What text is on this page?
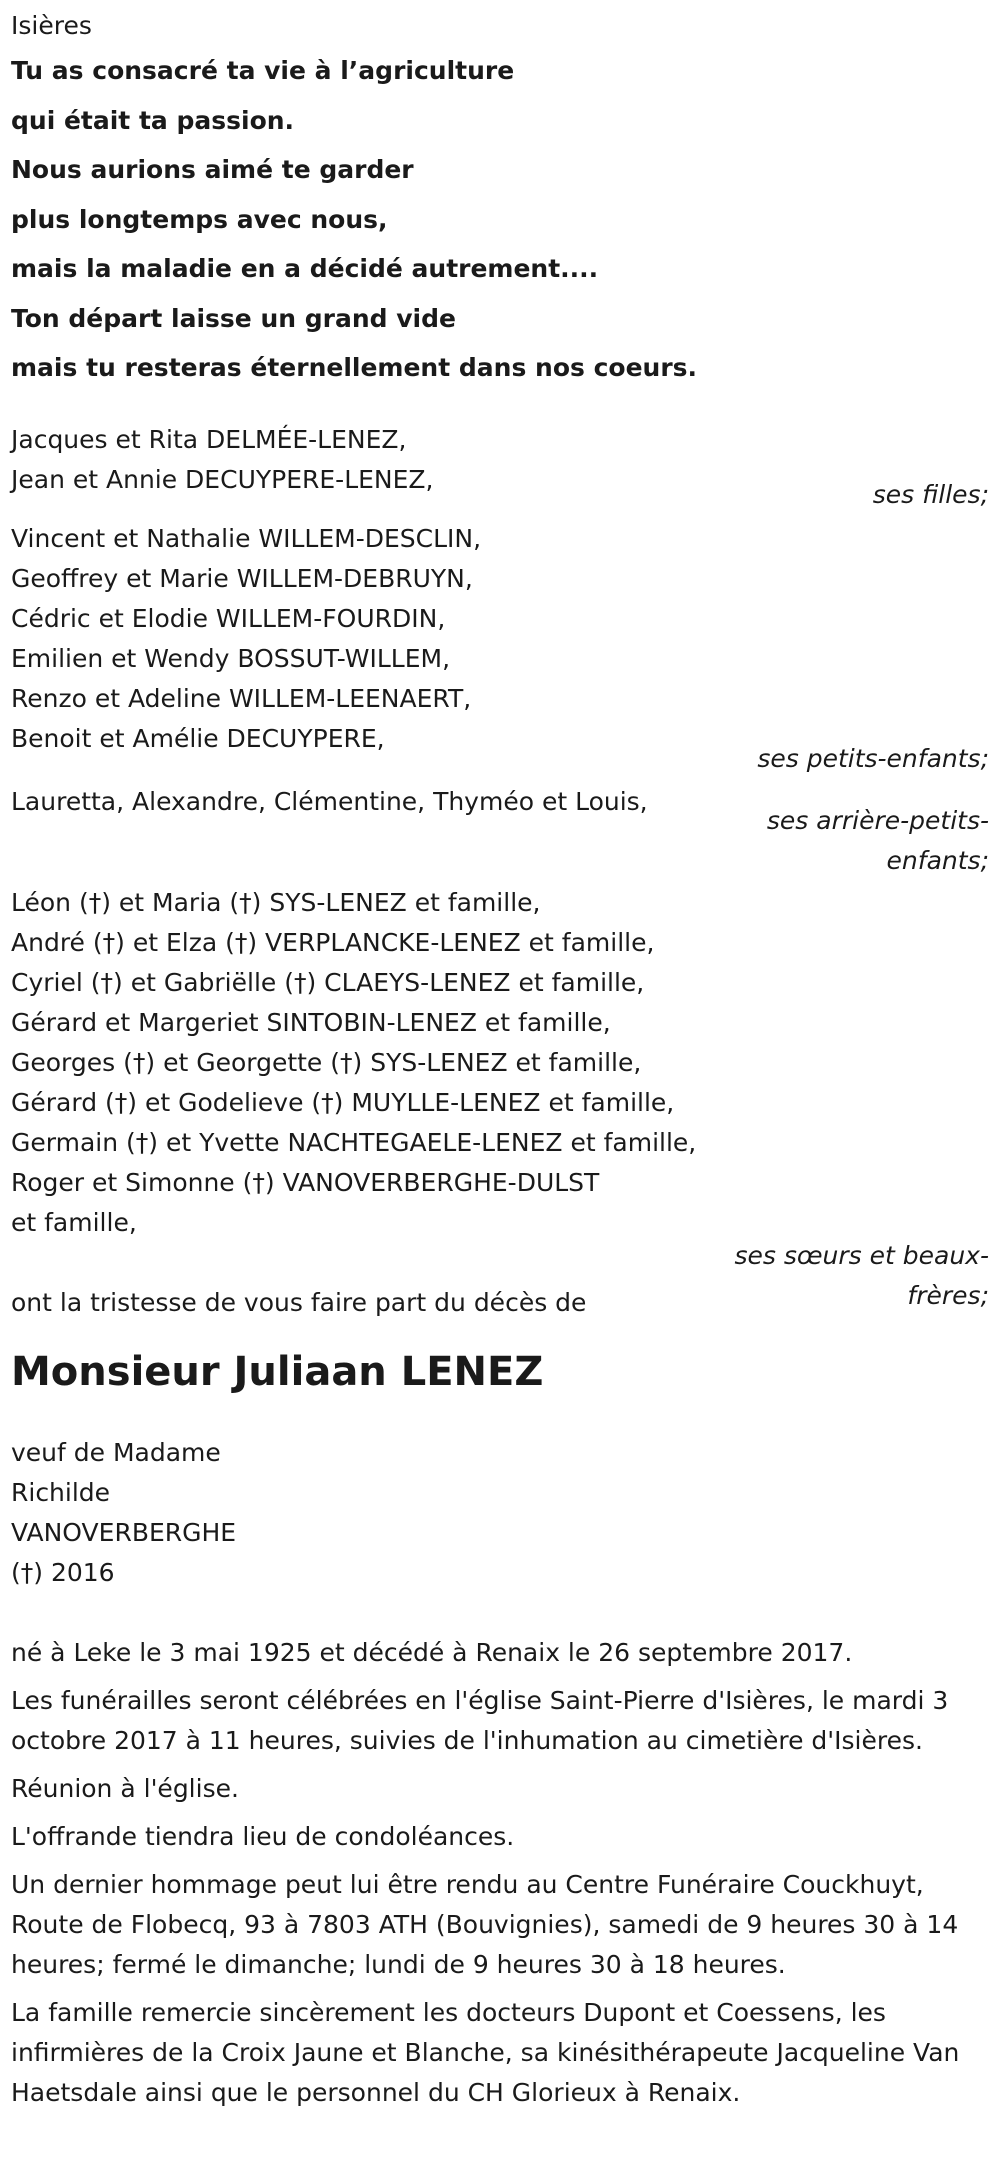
Isières

Tu as consacré ta vie à l’agriculture

qui était ta passion.

Nous aurions aimé te garder

plus longtemps avec nous,

mais la maladie en a décidé autrement....

Ton départ laisse un grand vide

mais tu resteras éternellement dans nos coeurs.

Jacques et Rita DELMÉE-LENEZ,

Jean et Annie DECUYPERE-LENEZ,

ses filles;

Vincent et Nathalie WILLEM-DESCLIN,

Geoffrey et Marie WILLEM-DEBRUYN,

Cédric et Elodie WILLEM-FOURDIN,

Emilien et Wendy BOSSUT-WILLEM,

Renzo et Adeline WILLEM-LEENAERT,

Benoit et Amélie DECUYPERE,

ses petits-enfants;

Lauretta, Alexandre, Clémentine, Thyméo et Louis,

ses arrière-petits-enfants;

Léon (†) et Maria (†) SYS-LENEZ et famille,

André (†) et Elza (†) VERPLANCKE-LENEZ et famille,

Cyriel (†) et Gabriëlle (†) CLAEYS-LENEZ et famille,

Gérard et Margeriet SINTOBIN-LENEZ et famille,

Georges (†) et Georgette (†) SYS-LENEZ et famille,

Gérard (†) et Godelieve (†) MUYLLE-LENEZ et famille,

Germain (†) et Yvette NACHTEGAELE-LENEZ et famille,

Roger et Simonne (†) VANOVERBERGHE-DULST

et famille,

ses sœurs et beaux-frères;

ont la tristesse de vous faire part du décès de

Monsieur Juliaan LENEZ

veuf de Madame

Richilde

VANOVERBERGHE

(†) 2016

né à Leke le 3 mai 1925 et décédé à Renaix le 26 septembre 2017.

Les funérailles seront célébrées en l'église Saint-Pierre d'Isières, le mardi 3 octobre 2017 à 11 heures, suivies de l'inhumation au cimetière d'Isières.

Réunion à l'église.

L'offrande tiendra lieu de condoléances.

Un dernier hommage peut lui être rendu au Centre Funéraire Couckhuyt, Route de Flobecq, 93 à 7803 ATH (Bouvignies), samedi de 9 heures 30 à 14 heures; fermé le dimanche; lundi de 9 heures 30 à 18 heures.

La famille remercie sincèrement les docteurs Dupont et Coessens, les infirmières de la Croix Jaune et Blanche, sa kinésithérapeute Jacqueline Van Haetsdale ainsi que le personnel du CH Glorieux à Renaix.
